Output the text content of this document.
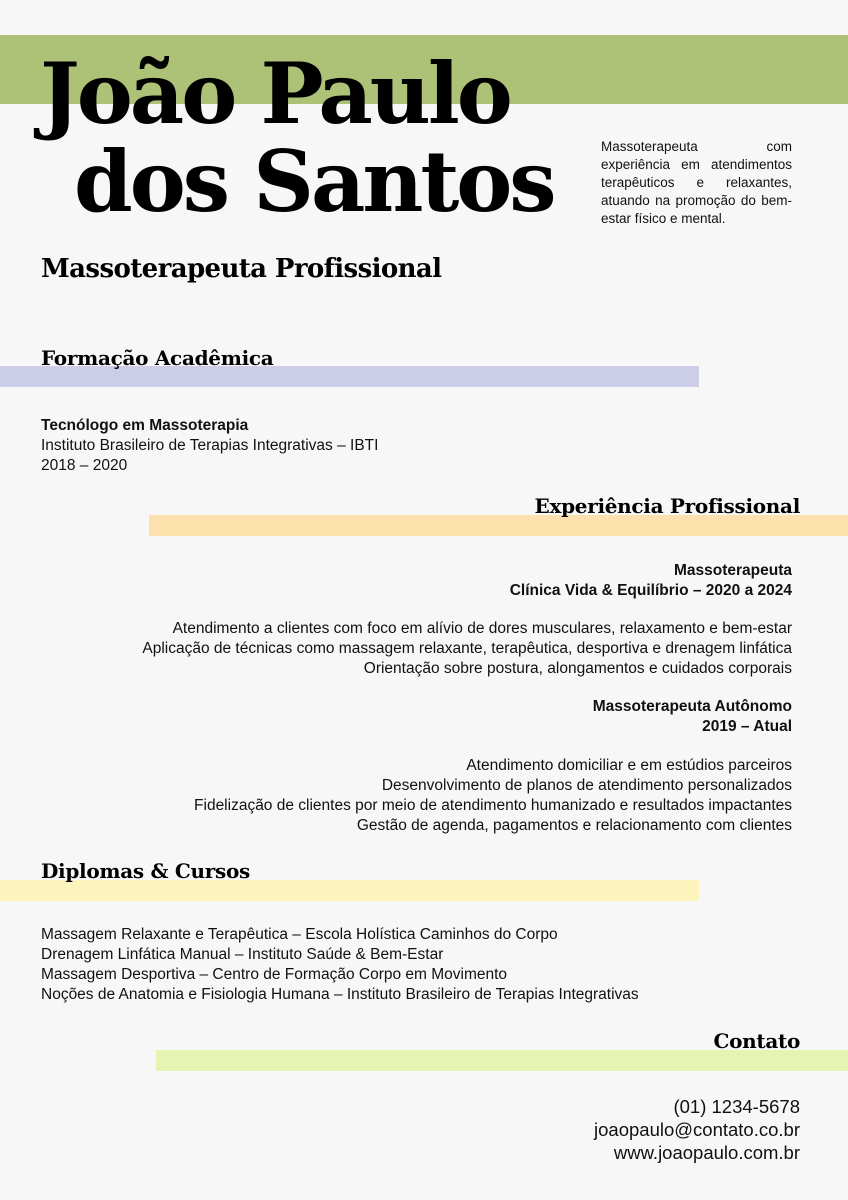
João Paulo
dos Santos	Massoterapeuta com experiência em atendimentos terapêuticos e relaxantes, atuando na promoção do bem-estar físico e mental.

Massoterapeuta Profissional
Formação Acadêmica
Tecnólogo em Massoterapia
Instituto Brasileiro de Terapias Integrativas – IBTI
2018 – 2020
Experiência Profissional
Massoterapeuta
Clínica Vida & Equilíbrio – 2020 a 2024
Atendimento a clientes com foco em alívio de dores musculares, relaxamento e bem-estar
Aplicação de técnicas como massagem relaxante, terapêutica, desportiva e drenagem linfática
Orientação sobre postura, alongamentos e cuidados corporais
Massoterapeuta Autônomo
2019 – Atual
Atendimento domiciliar e em estúdios parceiros
Desenvolvimento de planos de atendimento personalizados
Fidelização de clientes por meio de atendimento humanizado e resultados impactantes
Gestão de agenda, pagamentos e relacionamento com clientes
Diplomas & Cursos
Massagem Relaxante e Terapêutica – Escola Holística Caminhos do Corpo
Drenagem Linfática Manual – Instituto Saúde & Bem-Estar
Massagem Desportiva – Centro de Formação Corpo em Movimento
Noções de Anatomia e Fisiologia Humana – Instituto Brasileiro de Terapias Integrativas
Contato
(01) 1234-5678
joaopaulo@contato.co.br
www.joaopaulo.com.br
